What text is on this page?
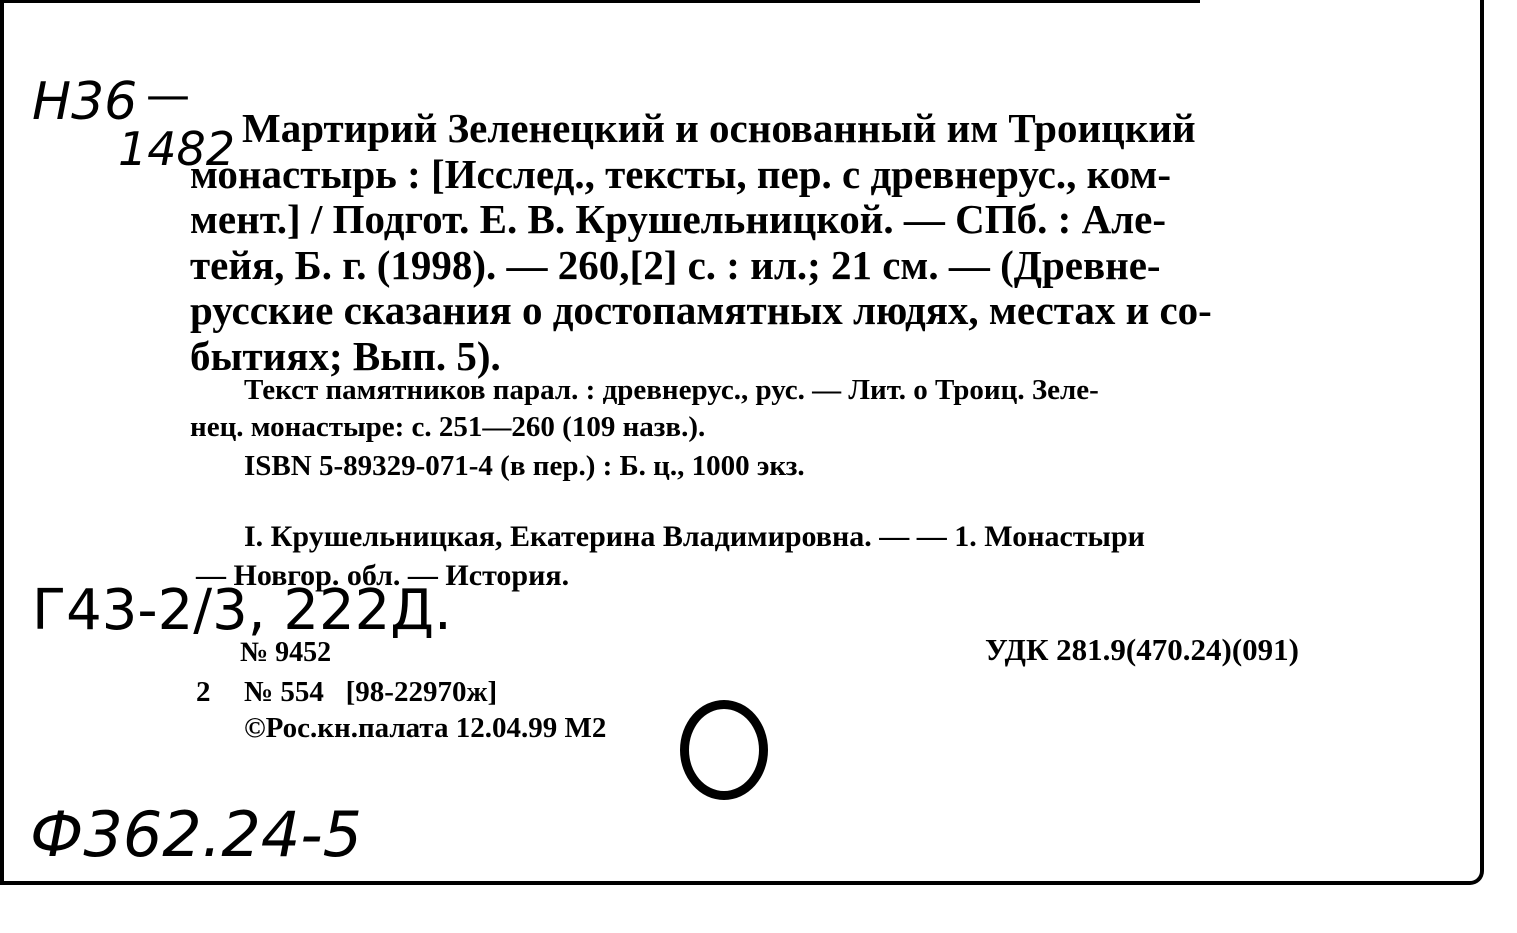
Н36 —
1482 Мартирий Зеленецкий и основанный им Троицкий
монастырь : [Исслед., тексты, пер. с древнерус., ком-
мент.] / Подгот. Е. В. Крушельницкой. — СПб. : Але-
тейя, Б. г. (1998). — 260,[2] с. : ил.; 21 см. — (Древне-
русские сказания о достопамятных людях, местах и со-
бытиях; Вып. 5).
Текст памятников парал. : древнерус., рус. — Лит. о Троиц. Зеле-
нец. монастыре: с. 251—260 (109 назв.).
ISBN 5-89329-071-4 (в пер.) : Б. ц., 1000 экз.
I. Крушельницкая, Екатерина Владимировна. — — 1. Монастыри
— Новгор. обл. — История.
Г43-2/3, 222Д.
№ 9452	УДК 281.9(470.24)(091)
2 № 554   [98-22970ж]
©Рос.кн.палата 12.04.99 М2
Ф362.24-5
